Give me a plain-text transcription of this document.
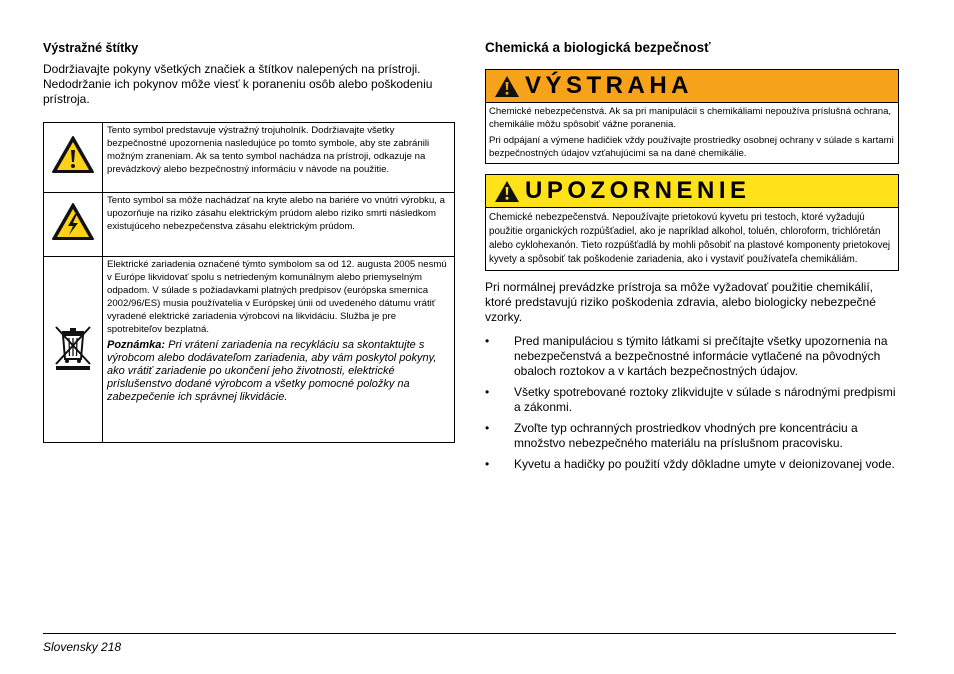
Výstražné štítky

Dodržiavajte pokyny všetkých značiek a štítkov nalepených na prístroji. Nedodržanie ich pokynov môže viesť k poraneniu osôb alebo poškodeniu prístroja.

	Tento symbol predstavuje výstražný trojuholník. Dodržiavajte všetky bezpečnostné upozornenia nasledujúce po tomto symbole, aby ste zabránili možným zraneniam. Ak sa tento symbol nachádza na prístroji, odkazuje na prevádzkový alebo bezpečnostný informáciu v návode na použitie.
	Tento symbol sa môže nachádzať na kryte alebo na bariére vo vnútri výrobku, a upozorňuje na riziko zásahu elektrickým prúdom alebo riziko smrti následkom existujúceho nebezpečenstva zásahu elektrickým prúdom.

Elektrické zariadenia označené týmto symbolom sa od 12. augusta 2005 nesmú v Európe likvidovať spolu s netriedeným komunálnym alebo priemyselným odpadom. V súlade s požiadavkami platných predpisov (európska smernica 2002/96/ES) musia používatelia v Európskej únii od uvedeného dátumu vrátiť vyradené elektrické zariadenia výrobcovi na likvidáciu. Služba je pre spotrebiteľov bezplatná.
Poznámka: Pri vrátení zariadenia na recykláciu sa skontaktujte s výrobcom alebo dodávateľom zariadenia, aby vám poskytol pokyny, ako vrátiť zariadenie po ukončení jeho životnosti, elektrické príslušenstvo dodané výrobcom a všetky pomocné položky na zabezpečenie ich správnej likvidácie.
Chemická a biologická bezpečnosť
VÝSTRAHA

Chemické nebezpečenstvá. Ak sa pri manipulácii s chemikáliami nepoužíva príslušná ochrana, chemikálie môžu spôsobiť vážne poranenia.

Pri odpájaní a výmene hadičiek vždy používajte prostriedky osobnej ochrany v súlade s kartami bezpečnostných údajov vzťahujúcimi sa na dané chemikálie.

UPOZORNENIE

Chemické nebezpečenstvá. Nepoužívajte prietokovú kyvetu pri testoch, ktoré vyžadujú použitie organických rozpúšťadiel, ako je napríklad alkohol, toluén, chloroform, trichlóretán alebo cyklohexanón. Tieto rozpúšťadlá by mohli pôsobiť na plastové komponenty prietokovej kyvety a spôsobiť tak poškodenie zariadenia, ako i vystaviť používateľa chemikáliám.

Pri normálnej prevádzke prístroja sa môže vyžadovať použitie chemikálií, ktoré predstavujú riziko poškodenia zdravia, alebo biologicky nebezpečné vzorky.

• Pred manipuláciou s týmito látkami si prečítajte všetky upozornenia na nebezpečenstvá a bezpečnostné informácie vytlačené na pôvodných obaloch roztokov a v kartách bezpečnostných údajov.
• Všetky spotrebované roztoky zlikvidujte v súlade s národnými predpismi a zákonmi.
• Zvoľte typ ochranných prostriedkov vhodných pre koncentráciu a množstvo nebezpečného materiálu na príslušnom pracovisku.
• Kyvetu a hadičky po použití vždy dôkladne umyte v deionizovanej vode.
Slovensky 218
